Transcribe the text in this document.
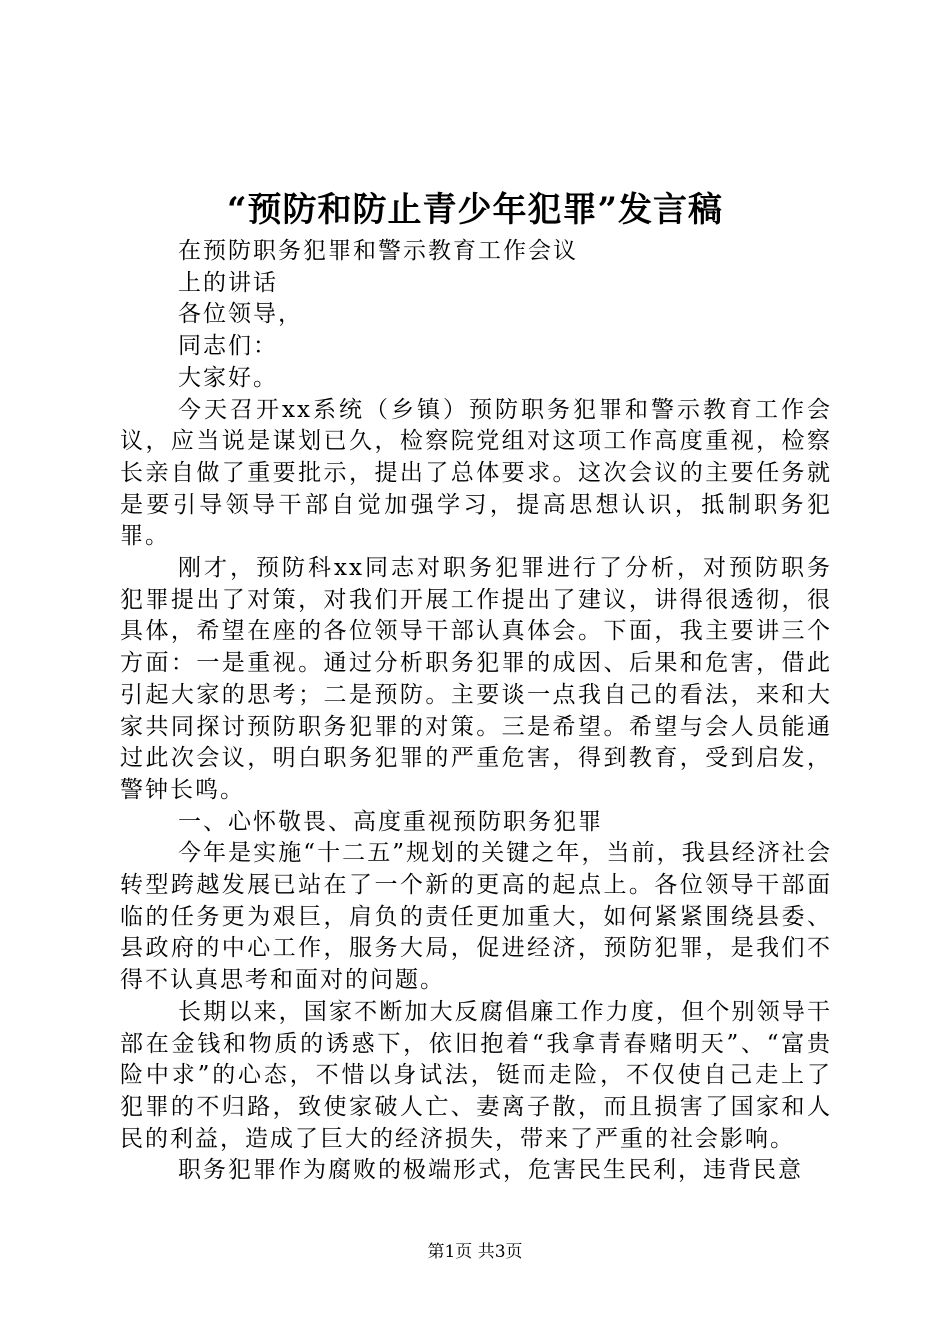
“预防和防止青少年犯罪”发言稿

在预防职务犯罪和警示教育工作会议

上的讲话

各位领导，

同志们：

大家好。

今天召开xx系统（乡镇）预防职务犯罪和警示教育工作会议，应当说是谋划已久，检察院党组对这项工作高度重视，检察长亲自做了重要批示，提出了总体要求。这次会议的主要任务就是要引导领导干部自觉加强学习，提高思想认识，抵制职务犯罪。

刚才，预防科xx同志对职务犯罪进行了分析，对预防职务犯罪提出了对策，对我们开展工作提出了建议，讲得很透彻，很具体，希望在座的各位领导干部认真体会。下面，我主要讲三个方面：一是重视。通过分析职务犯罪的成因、后果和危害，借此引起大家的思考；二是预防。主要谈一点我自己的看法，来和大家共同探讨预防职务犯罪的对策。三是希望。希望与会人员能通过此次会议，明白职务犯罪的严重危害，得到教育，受到启发，警钟长鸣。

一、心怀敬畏、高度重视预防职务犯罪

今年是实施“十二五”规划的关键之年，当前，我县经济社会转型跨越发展已站在了一个新的更高的起点上。各位领导干部面临的任务更为艰巨，肩负的责任更加重大，如何紧紧围绕县委、县政府的中心工作，服务大局，促进经济，预防犯罪，是我们不得不认真思考和面对的问题。

长期以来，国家不断加大反腐倡廉工作力度，但个别领导干部在金钱和物质的诱惑下，依旧抱着“我拿青春赌明天”、“富贵险中求”的心态，不惜以身试法，铤而走险，不仅使自己走上了犯罪的不归路，致使家破人亡、妻离子散，而且损害了国家和人民的利益，造成了巨大的经济损失，带来了严重的社会影响。

职务犯罪作为腐败的极端形式，危害民生民利，违背民意

第1页 共3页
